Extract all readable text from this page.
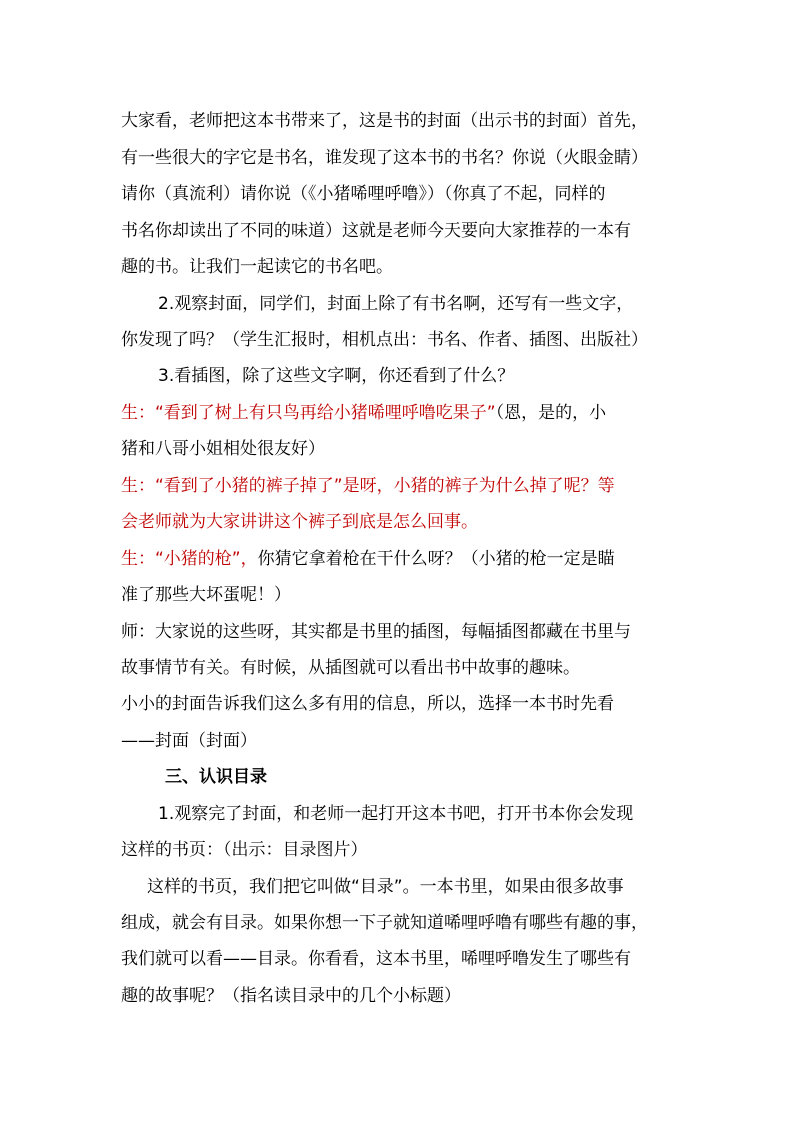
大家看，老师把这本书带来了，这是书的封面（出示书的封面）首先，

有一些很大的字它是书名，谁发现了这本书的书名？你说（火眼金睛）

请你（真流利）请你说（《小猪唏哩呼噜》）（你真了不起，同样的

书名你却读出了不同的味道）这就是老师今天要向大家推荐的一本有

趣的书。让我们一起读它的书名吧。

2.观察封面，同学们，封面上除了有书名啊，还写有一些文字，

你发现了吗？（学生汇报时，相机点出：书名、作者、插图、出版社）

3.看插图，除了这些文字啊，你还看到了什么？

生：“看到了树上有只鸟再给小猪唏哩呼噜吃果子”（恩，是的，小

猪和八哥小姐相处很友好）

生：“看到了小猪的裤子掉了”是呀，小猪的裤子为什么掉了呢？等

会老师就为大家讲讲这个裤子到底是怎么回事。

生：“小猪的枪”，你猜它拿着枪在干什么呀？（小猪的枪一定是瞄

准了那些大坏蛋呢！）

师：大家说的这些呀，其实都是书里的插图，每幅插图都藏在书里与

故事情节有关。有时候，从插图就可以看出书中故事的趣味。

小小的封面告诉我们这么多有用的信息，所以，选择一本书时先看

——封面（封面）

三、认识目录

1.观察完了封面，和老师一起打开这本书吧，打开书本你会发现

这样的书页：（出示：目录图片）

这样的书页，我们把它叫做“目录”。一本书里，如果由很多故事

组成，就会有目录。如果你想一下子就知道唏哩呼噜有哪些有趣的事，

我们就可以看——目录。你看看，这本书里，唏哩呼噜发生了哪些有

趣的故事呢？（指名读目录中的几个小标题）
